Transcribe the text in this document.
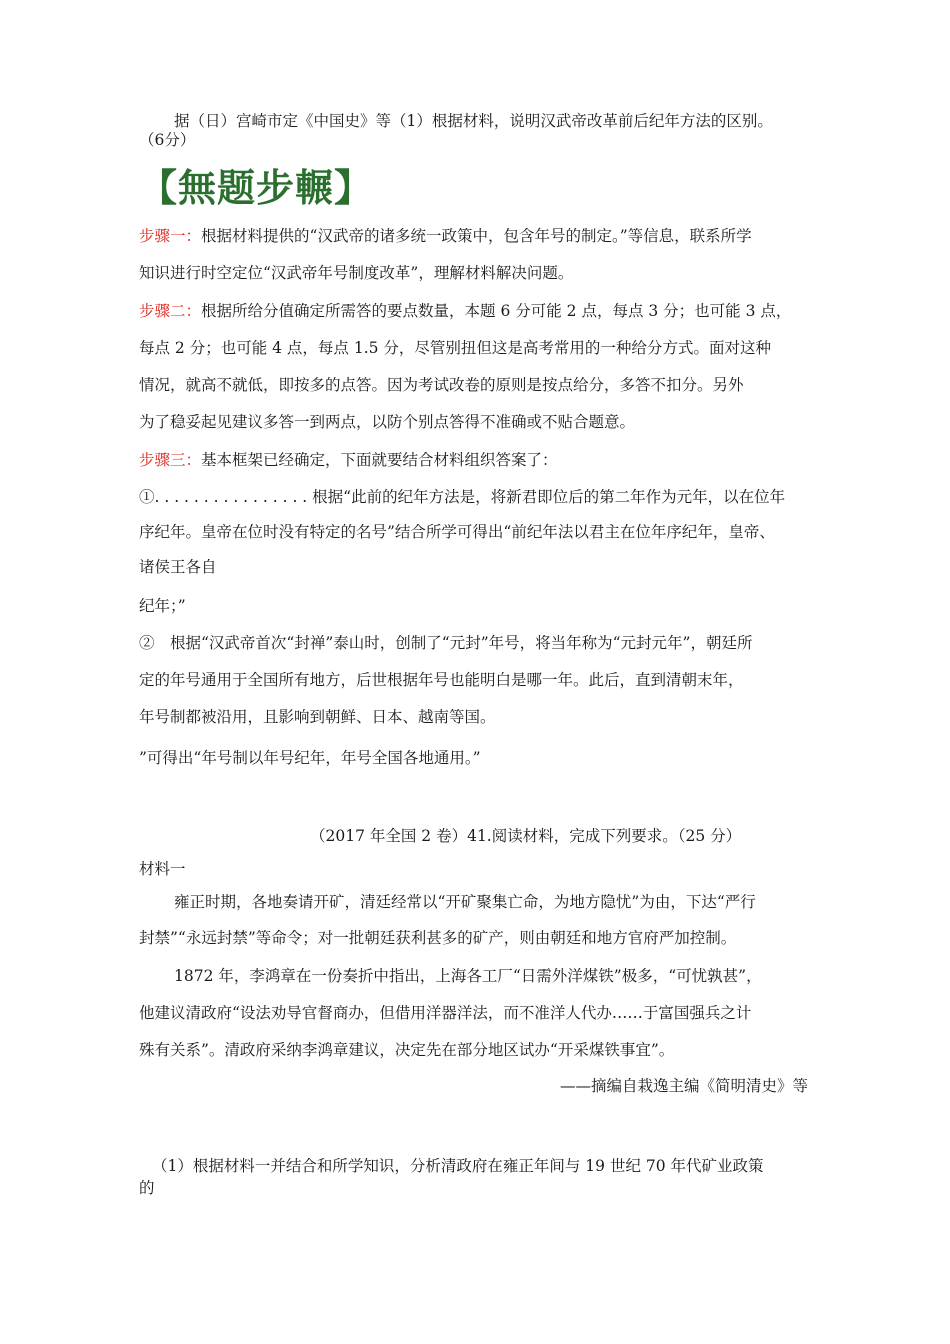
据（日）宫崎市定《中国史》等（1）根据材料，说明汉武帝改革前后纪年方法的区别。
（6分）
【無题步輾】
步骤一：根据材料提供的“汉武帝的诸多统一政策中，包含年号的制定。”等信息，联系所学
知识进行时空定位“汉武帝年号制度改革”，理解材料解决问题。
步骤二：根据所给分值确定所需答的要点数量，本题 6 分可能 2 点，每点 3 分；也可能 3 点，
每点 2 分；也可能 4 点，每点 1.5 分，尽管别扭但这是高考常用的一种给分方式。面对这种
情况，就高不就低，即按多的点答。因为考试改卷的原则是按点给分，多答不扣分。另外
为了稳妥起见建议多答一到两点，以防个别点答得不准确或不贴合题意。
步骤三：基本框架已经确定，下面就要结合材料组织答案了：
①. . . . . . . . . . . . . . . . 根据“此前的纪年方法是，将新君即位后的第二年作为元年，以在位年
序纪年。皇帝在位时没有特定的名号”结合所学可得出“前纪年法以君主在位年序纪年，皇帝、
诸侯王各自
纪年；”
②　根据“汉武帝首次“封禅”泰山时，创制了“元封”年号，将当年称为“元封元年”，朝廷所
定的年号通用于全国所有地方，后世根据年号也能明白是哪一年。此后，直到清朝末年，
年号制都被沿用，且影响到朝鲜、日本、越南等国。
”可得出“年号制以年号纪年，年号全国各地通用。”
（2017 年全国 2 卷）41.阅读材料，完成下列要求。（25 分）
材料一
雍正时期，各地奏请开矿，清廷经常以“开矿聚集亡命，为地方隐忧”为由，下达“严行
封禁”“永远封禁”等命令；对一批朝廷获利甚多的矿产，则由朝廷和地方官府严加控制。
1872 年，李鸿章在一份奏折中指出，上海各工厂“日需外洋煤铁”极多，“可忧孰甚”，
他建议清政府“设法劝导官督商办，但借用洋器洋法，而不准洋人代办……于富国强兵之计
殊有关系”。清政府采纳李鸿章建议，决定先在部分地区试办“开采煤铁事宜”。
——摘编自栽逸主编《简明清史》等
（1）根据材料一并结合和所学知识，分析清政府在雍正年间与 19 世纪 70 年代矿业政策
的
